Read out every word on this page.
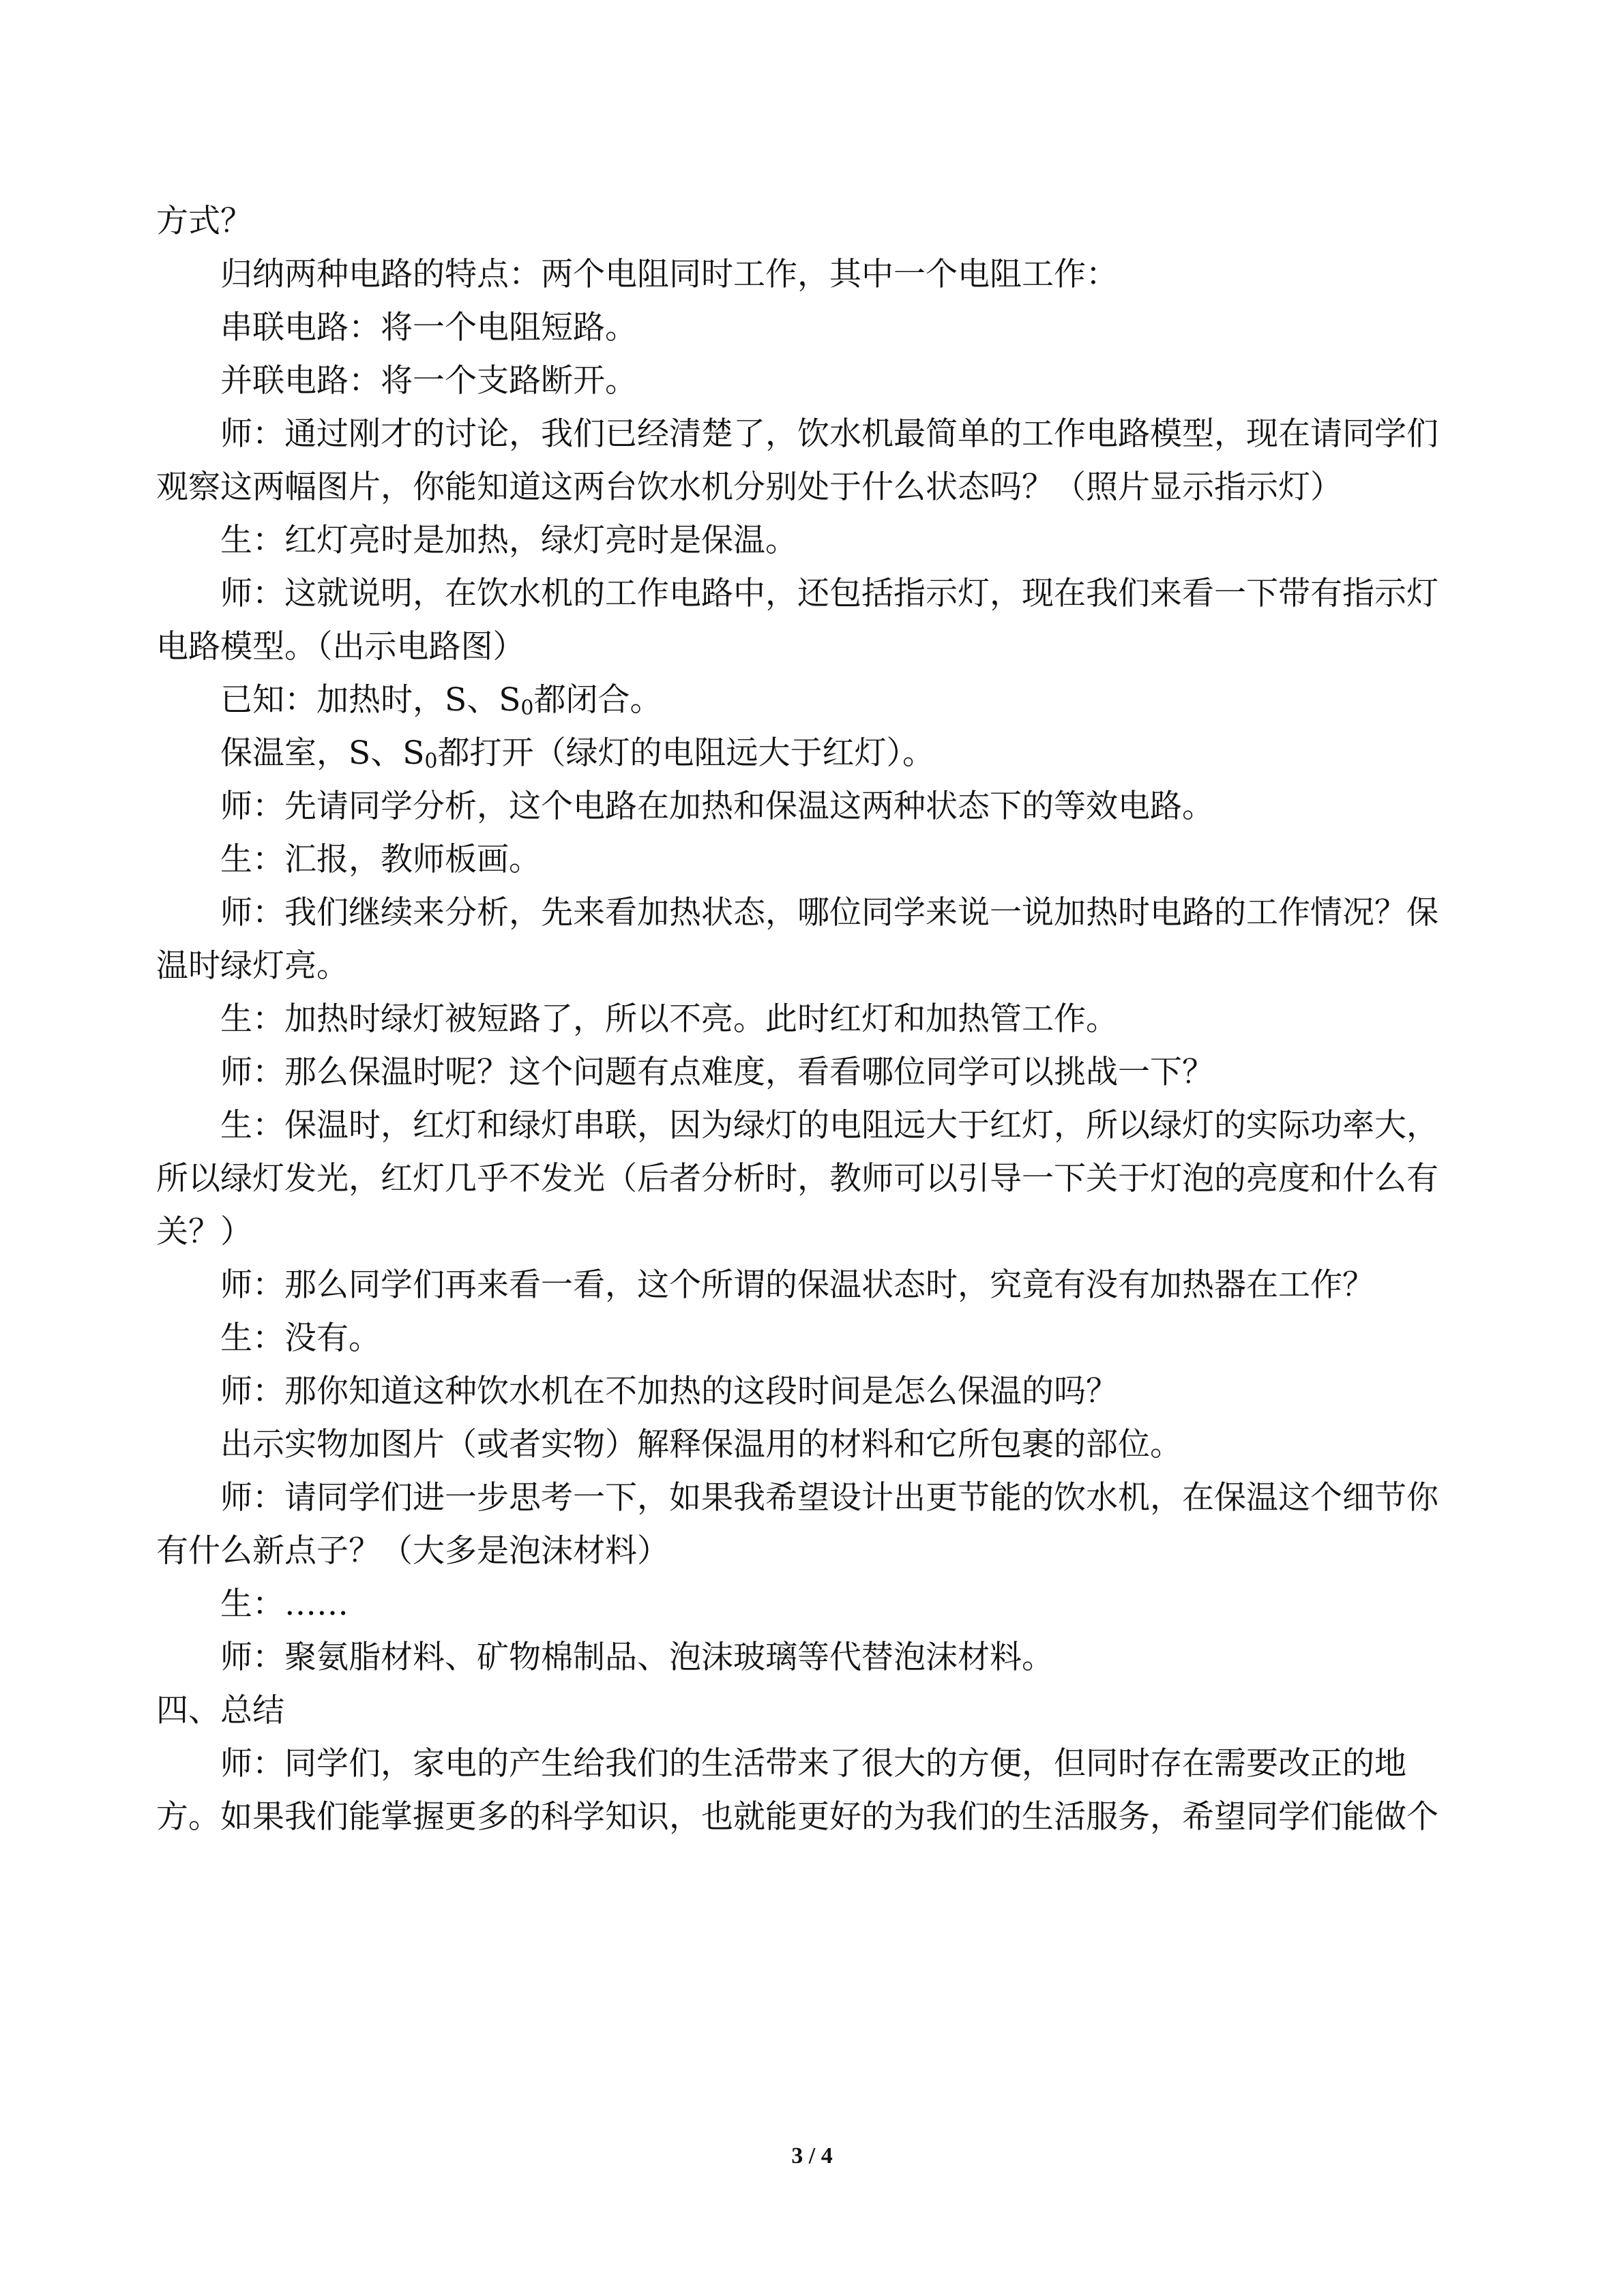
方式？
归纳两种电路的特点：两个电阻同时工作，其中一个电阻工作：
串联电路：将一个电阻短路。
并联电路：将一个支路断开。
师：通过刚才的讨论，我们已经清楚了，饮水机最简单的工作电路模型，现在请同学们
观察这两幅图片，你能知道这两台饮水机分别处于什么状态吗？（照片显示指示灯）
生：红灯亮时是加热，绿灯亮时是保温。
师：这就说明，在饮水机的工作电路中，还包括指示灯，现在我们来看一下带有指示灯
电路模型。（出示电路图）
已知：加热时，S、$S_0$都闭合。
保温室，S、$S_0$都打开（绿灯的电阻远大于红灯）。
师：先请同学分析，这个电路在加热和保温这两种状态下的等效电路。
生：汇报，教师板画。
师：我们继续来分析，先来看加热状态，哪位同学来说一说加热时电路的工作情况？保
温时绿灯亮。
生：加热时绿灯被短路了，所以不亮。此时红灯和加热管工作。
师：那么保温时呢？这个问题有点难度，看看哪位同学可以挑战一下？
生：保温时，红灯和绿灯串联，因为绿灯的电阻远大于红灯，所以绿灯的实际功率大，
所以绿灯发光，红灯几乎不发光（后者分析时，教师可以引导一下关于灯泡的亮度和什么有
关？）
师：那么同学们再来看一看，这个所谓的保温状态时，究竟有没有加热器在工作？
生：没有。
师：那你知道这种饮水机在不加热的这段时间是怎么保温的吗？
出示实物加图片（或者实物）解释保温用的材料和它所包裹的部位。
师：请同学们进一步思考一下，如果我希望设计出更节能的饮水机，在保温这个细节你
有什么新点子？（大多是泡沫材料）
生：……
师：聚氨脂材料、矿物棉制品、泡沫玻璃等代替泡沫材料。
四、总结
师：同学们，家电的产生给我们的生活带来了很大的方便，但同时存在需要改正的地
方。如果我们能掌握更多的科学知识，也就能更好的为我们的生活服务，希望同学们能做个
3 / 4
